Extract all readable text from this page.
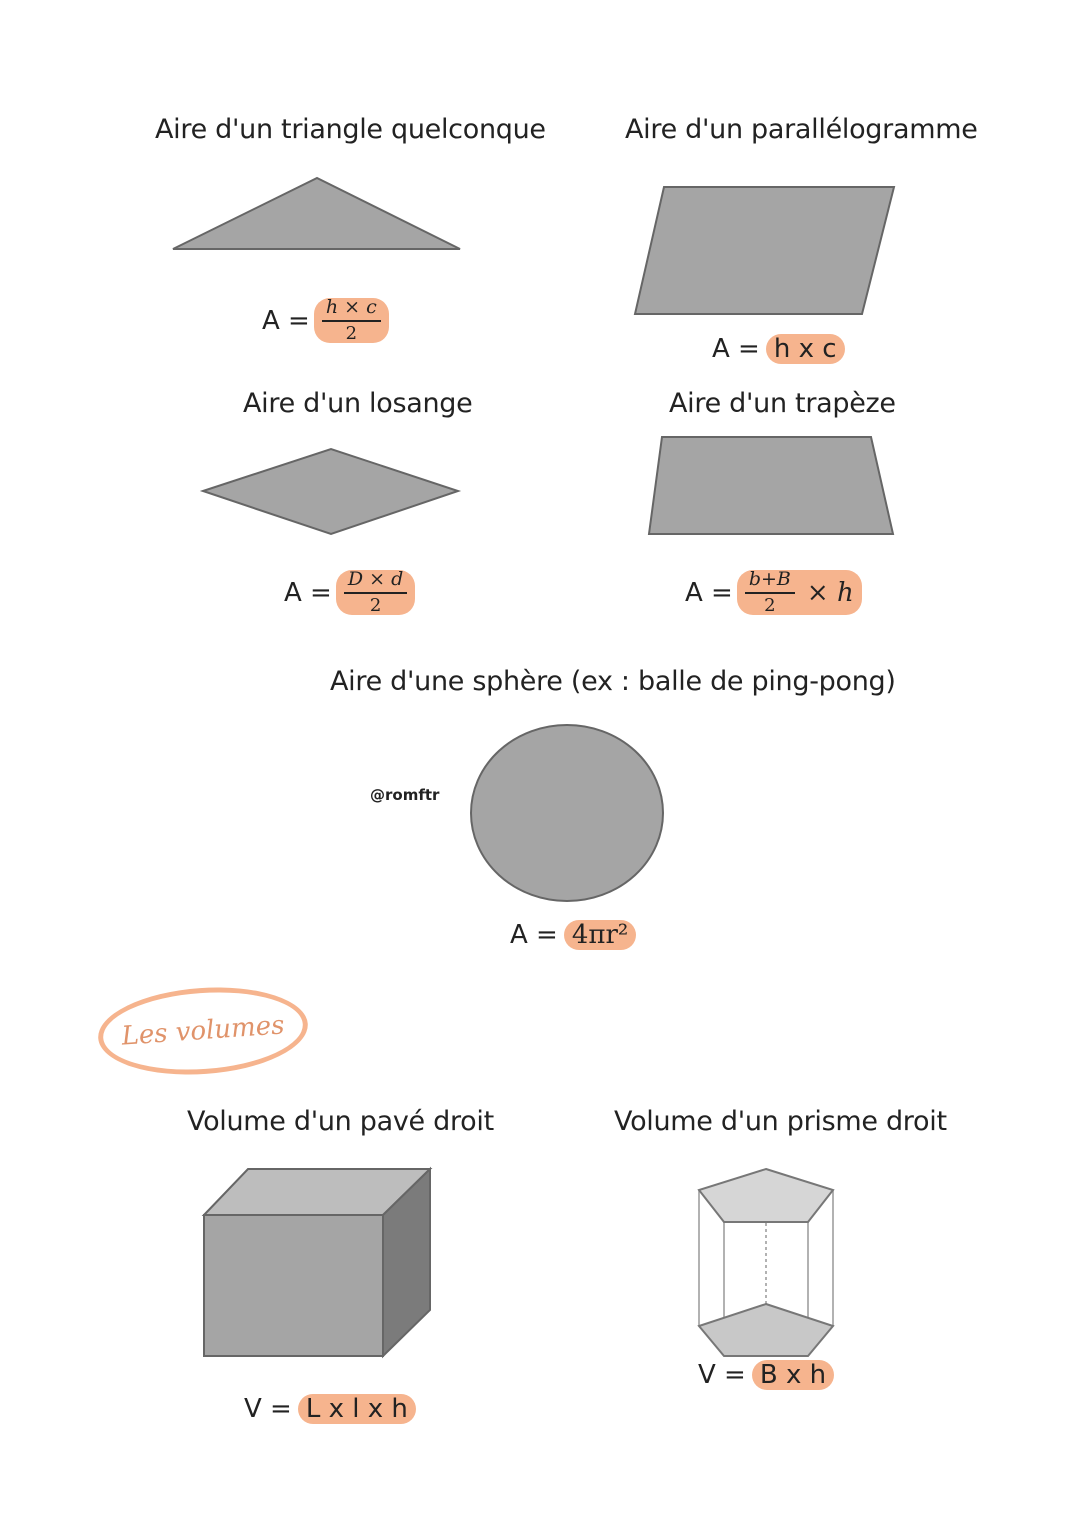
Aire d'un triangle quelconque
$A = \frac{h \times c}{2}$
Aire d'un parallélogramme
A = h x c
Aire d'un losange
$A = \frac{D \times d}{2}$
Aire d'un trapèze
$A = \frac{b+B}{2} \times h$
Aire d'une sphère (ex : balle de ping-pong)
@romftr
A = 4πr²
Les volumes
Volume d'un pavé droit
V = L x l x h
Volume d'un prisme droit
V = B x h
